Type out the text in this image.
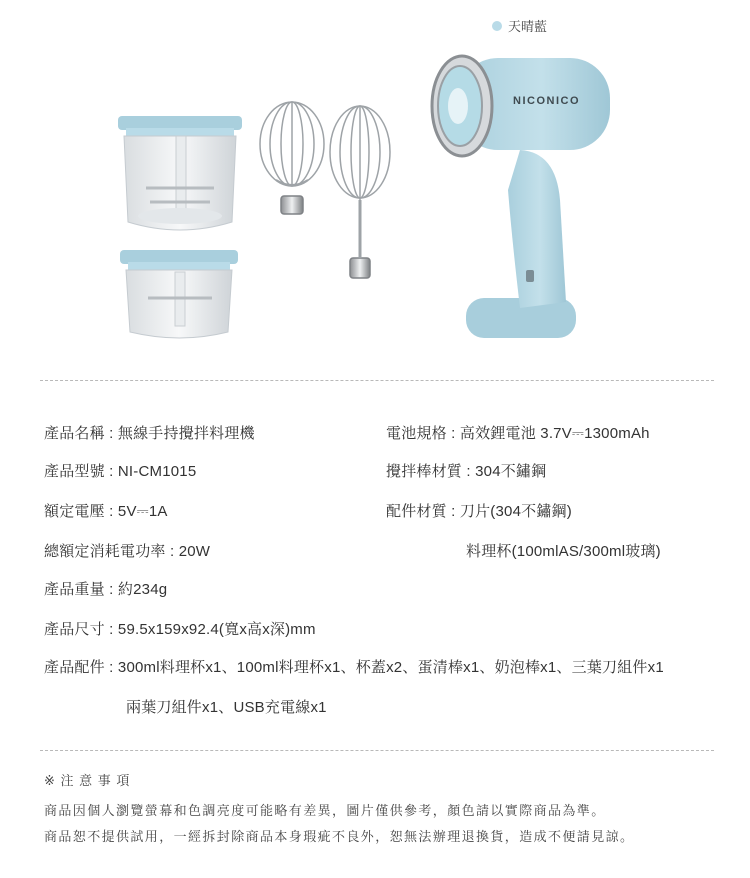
天晴藍
NICONICO
產品名稱 : 無線手持攪拌料理機	電池規格 : 高效鋰電池 3.7V⎓1300mAh
產品型號 : NI-CM1015	攪拌棒材質 : 304不鏽鋼
額定電壓 : 5V⎓1A	配件材質 : 刀片(304不鏽鋼)
總額定消耗電功率 : 20W	料理杯(100mlAS/300ml玻璃)
產品重量 : 約234g
產品尺寸 : 59.5x159x92.4(寬x高x深)mm
產品配件 : 300ml料理杯x1、100ml料理杯x1、杯蓋x2、蛋清棒x1、奶泡棒x1、三葉刀組件x1
兩葉刀組件x1、USB充電線x1
※ 注 意 事 項
商品因個人瀏覽螢幕和色調亮度可能略有差異，圖片僅供參考，顏色請以實際商品為準。
商品恕不提供試用，一經拆封除商品本身瑕疵不良外，恕無法辦理退換貨，造成不便請見諒。
